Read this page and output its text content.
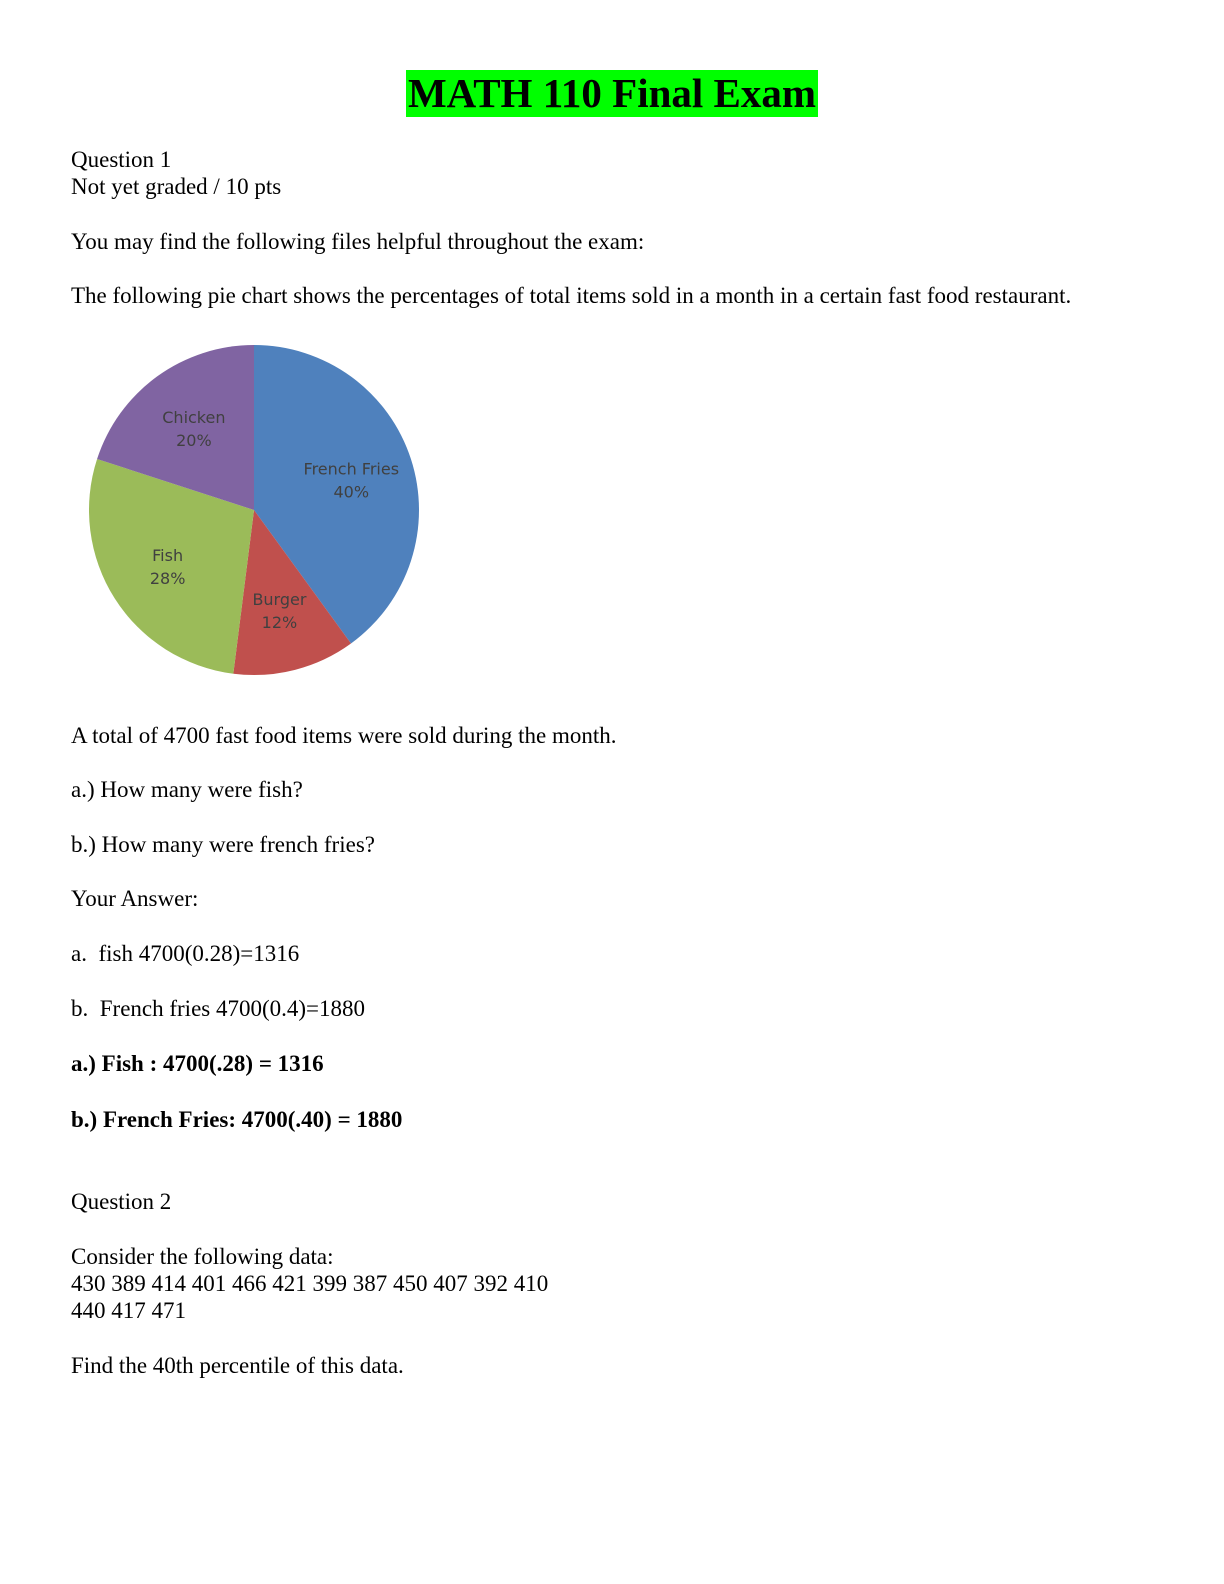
MATH 110 Final Exam
Question 1
Not yet graded / 10 pts
You may find the following files helpful throughout the exam:
The following pie chart shows the percentages of total items sold in a month in a certain fast food restaurant.
French Fries
40%
Burger
12%
Fish
28%
Chicken
20%
A total of 4700 fast food items were sold during the month.
a.) How many were fish?
b.) How many were french fries?
Your Answer:
a.  fish 4700(0.28)=1316
b.  French fries 4700(0.4)=1880
a.) Fish : 4700(.28) = 1316
b.) French Fries: 4700(.40) = 1880
Question 2
Consider the following data:
430 389 414 401 466 421 399 387 450 407 392 410
440 417 471
Find the 40th percentile of this data.
